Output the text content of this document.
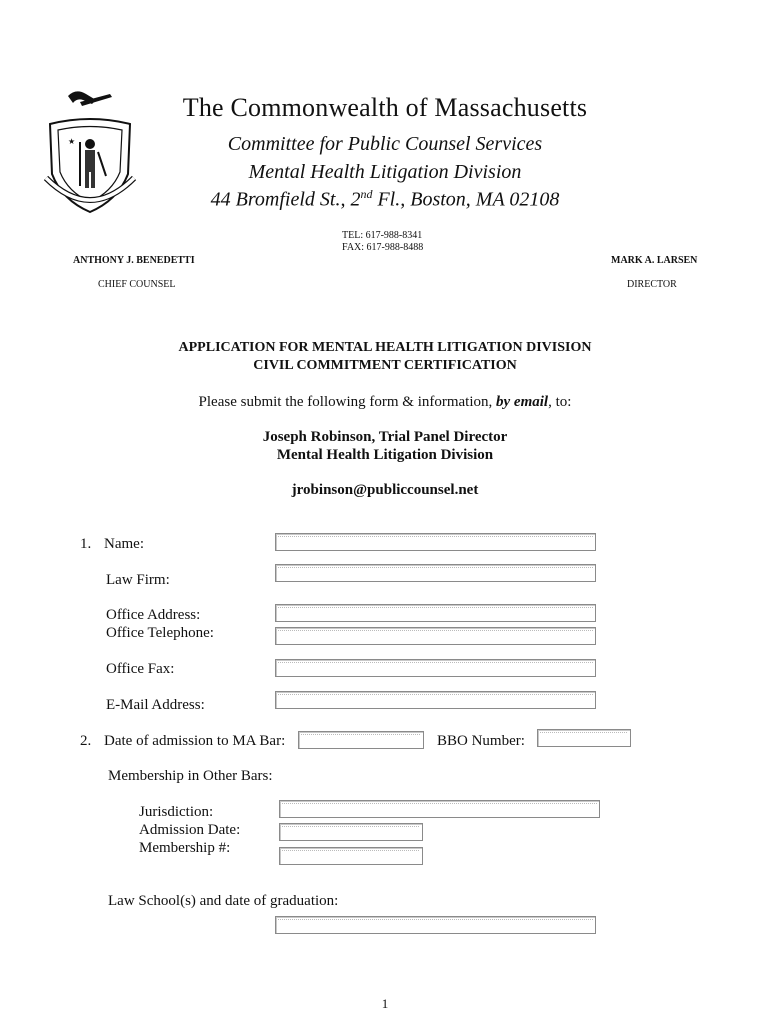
★
The Commonwealth of Massachusetts
Committee for Public Counsel Services
Mental Health Litigation Division
44 Bromfield St., 2nd Fl., Boston, MA 02108
TEL: 617-988-8341
FAX: 617-988-8488
ANTHONY J. BENEDETTI
CHIEF COUNSEL
MARK A. LARSEN
DIRECTOR
APPLICATION FOR MENTAL HEALTH LITIGATION DIVISION
CIVIL COMMITMENT CERTIFICATION
Please submit the following form & information, by email, to:
Joseph Robinson, Trial Panel Director
Mental Health Litigation Division
jrobinson@publiccounsel.net
1. Name:
Law Firm:
Office Address:
Office Telephone:
Office Fax:
E-Mail Address:
2. Date of admission to MA Bar:	BBO Number:
Membership in Other Bars:
Jurisdiction:
Admission Date:
Membership #:
Law School(s) and date of graduation:
1
